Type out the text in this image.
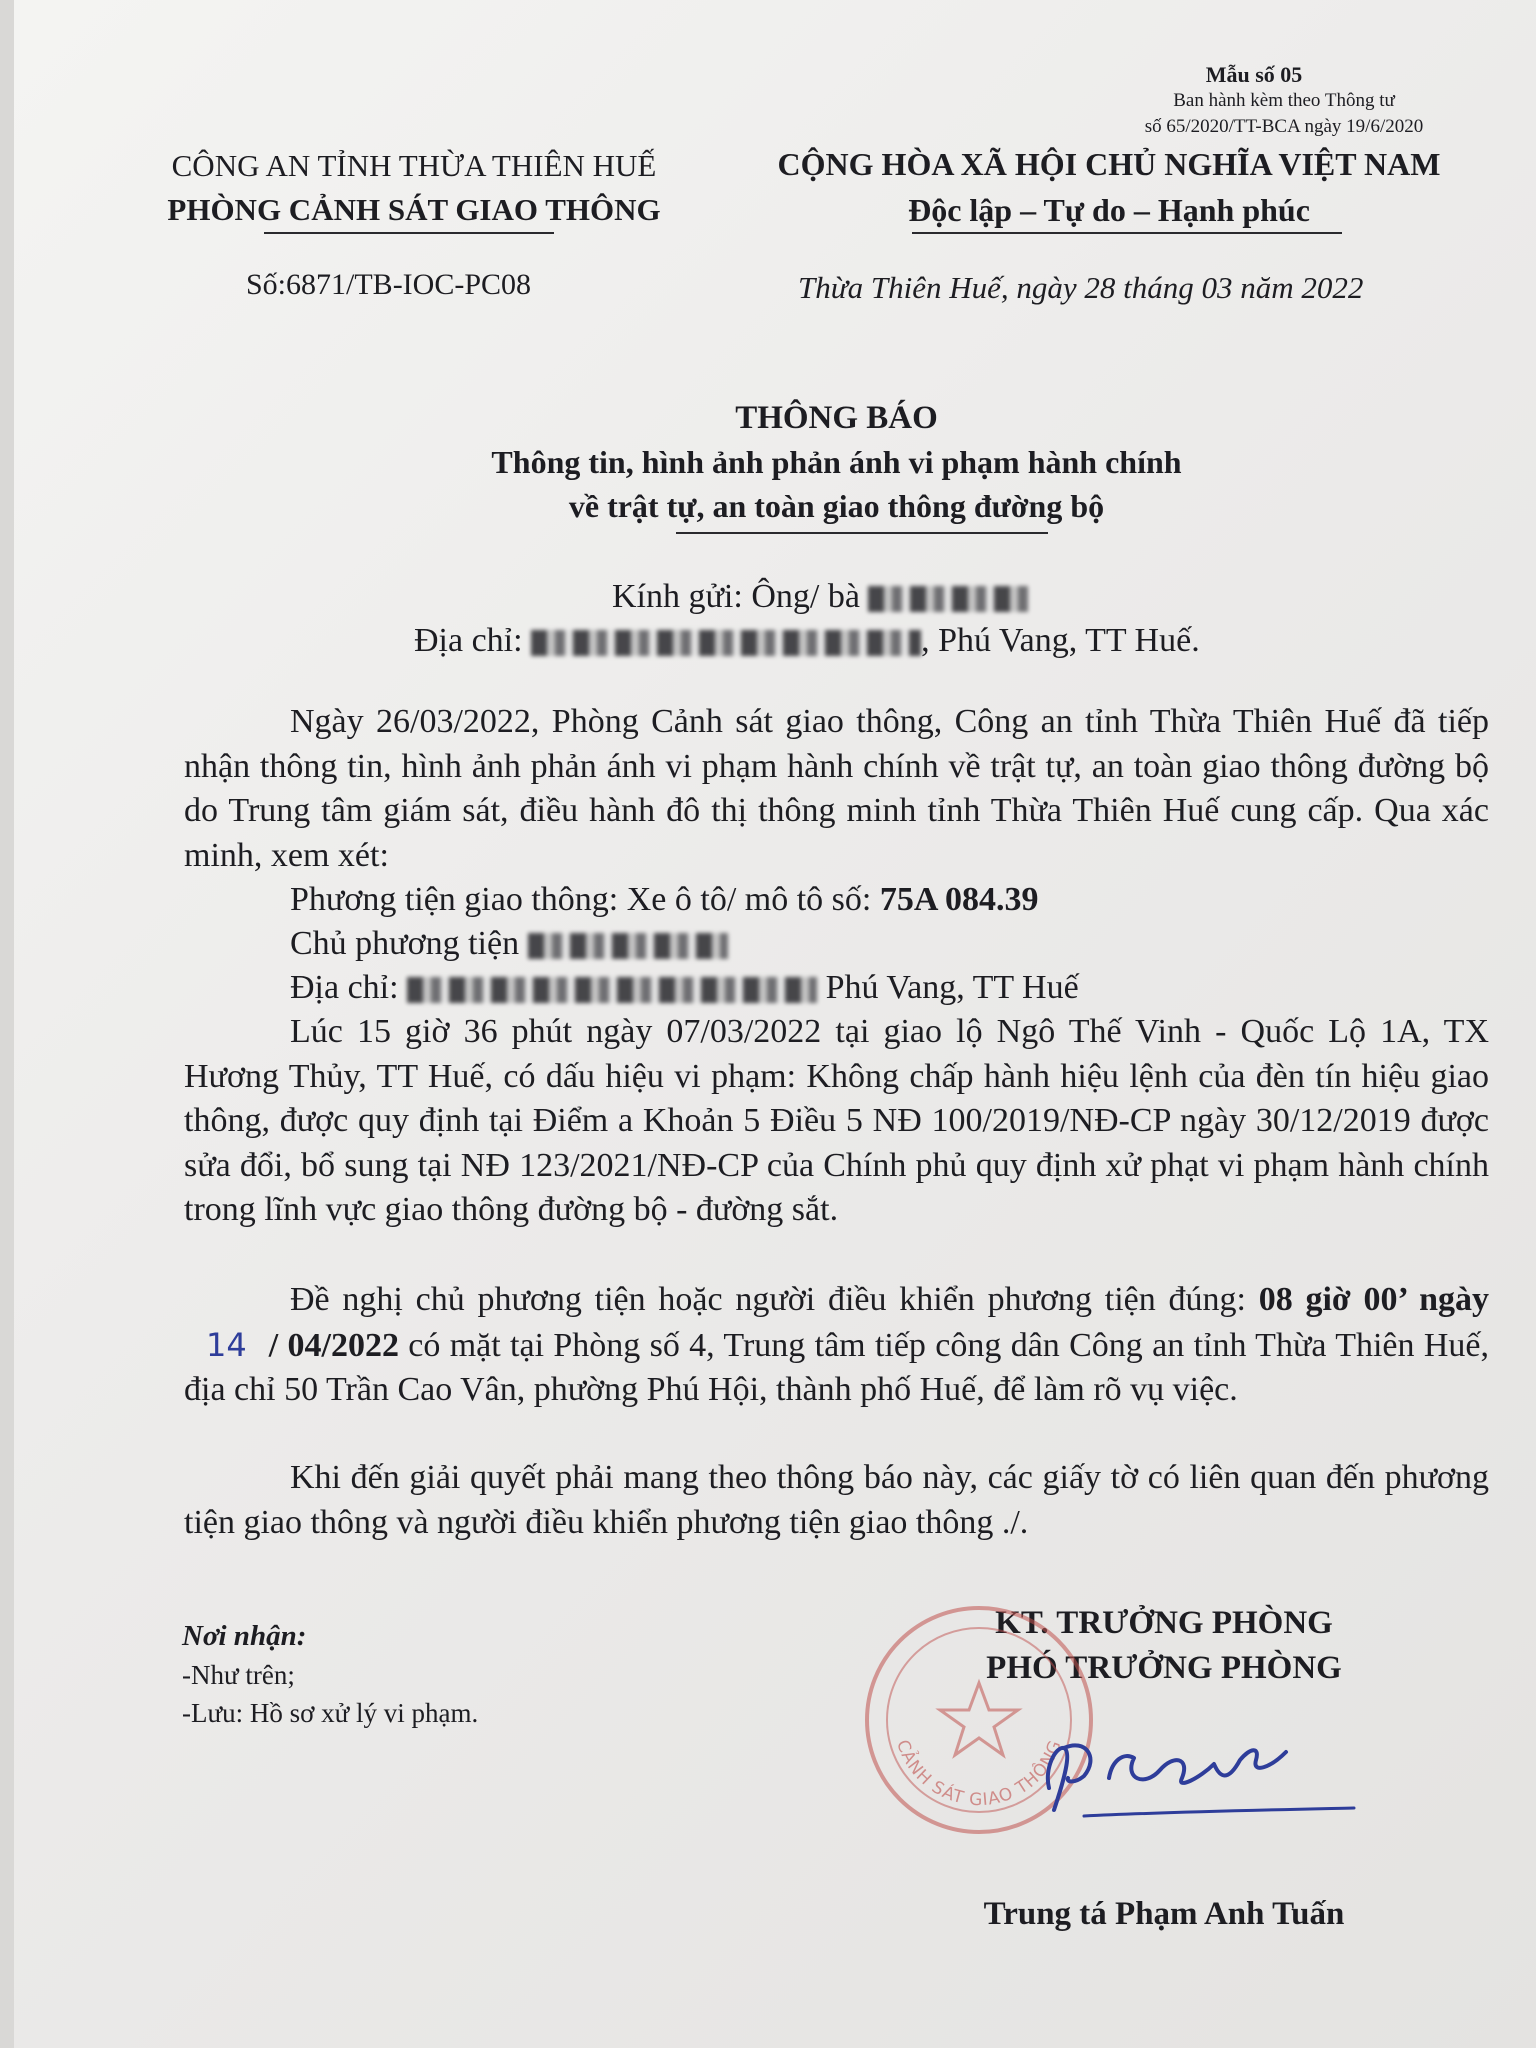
Mẫu số 05
Ban hành kèm theo Thông tư
số 65/2020/TT-BCA ngày 19/6/2020
CÔNG AN TỈNH THỪA THIÊN HUẾ
PHÒNG CẢNH SÁT GIAO THÔNG
Số:6871/TB-IOC-PC08
CỘNG HÒA XÃ HỘI CHỦ NGHĨA VIỆT NAM
Độc lập – Tự do – Hạnh phúc
Thừa Thiên Huế, ngày 28 tháng 03 năm 2022
THÔNG BÁO
Thông tin, hình ảnh phản ánh vi phạm hành chính
về trật tự, an toàn giao thông đường bộ
Kính gửi: Ông/ bà
Địa chỉ:	, Phú Vang, TT Huế.
Ngày 26/03/2022, Phòng Cảnh sát giao thông, Công an tỉnh Thừa Thiên Huế đã tiếp nhận thông tin, hình ảnh phản ánh vi phạm hành chính về trật tự, an toàn giao thông đường bộ do Trung tâm giám sát, điều hành đô thị thông minh tỉnh Thừa Thiên Huế cung cấp. Qua xác minh, xem xét:
Phương tiện giao thông: Xe ô tô/ mô tô số: 75A 084.39
Chủ phương tiện
Địa chỉ:	Phú Vang, TT Huế
Lúc 15 giờ 36 phút ngày 07/03/2022 tại giao lộ Ngô Thế Vinh - Quốc Lộ 1A, TX Hương Thủy, TT Huế, có dấu hiệu vi phạm: Không chấp hành hiệu lệnh của đèn tín hiệu giao thông, được quy định tại Điểm a Khoản 5 Điều 5 NĐ 100/2019/NĐ-CP ngày 30/12/2019 được sửa đổi, bổ sung tại NĐ 123/2021/NĐ-CP của Chính phủ quy định xử phạt vi phạm hành chính trong lĩnh vực giao thông đường bộ - đường sắt.
Đề nghị chủ phương tiện hoặc người điều khiển phương tiện đúng: 08 giờ 00’ ngày 14 / 04/2022 có mặt tại Phòng số 4, Trung tâm tiếp công dân Công an tỉnh Thừa Thiên Huế, địa chỉ 50 Trần Cao Vân, phường Phú Hội, thành phố Huế, để làm rõ vụ việc.
Khi đến giải quyết phải mang theo thông báo này, các giấy tờ có liên quan đến phương tiện giao thông và người điều khiển phương tiện giao thông ./.
Nơi nhận:
-Như trên;
-Lưu: Hồ sơ xử lý vi phạm.
KT. TRƯỞNG PHÒNG
PHÓ TRƯỞNG PHÒNG
CẢNH SÁT GIAO THÔNG
Trung tá Phạm Anh Tuấn
